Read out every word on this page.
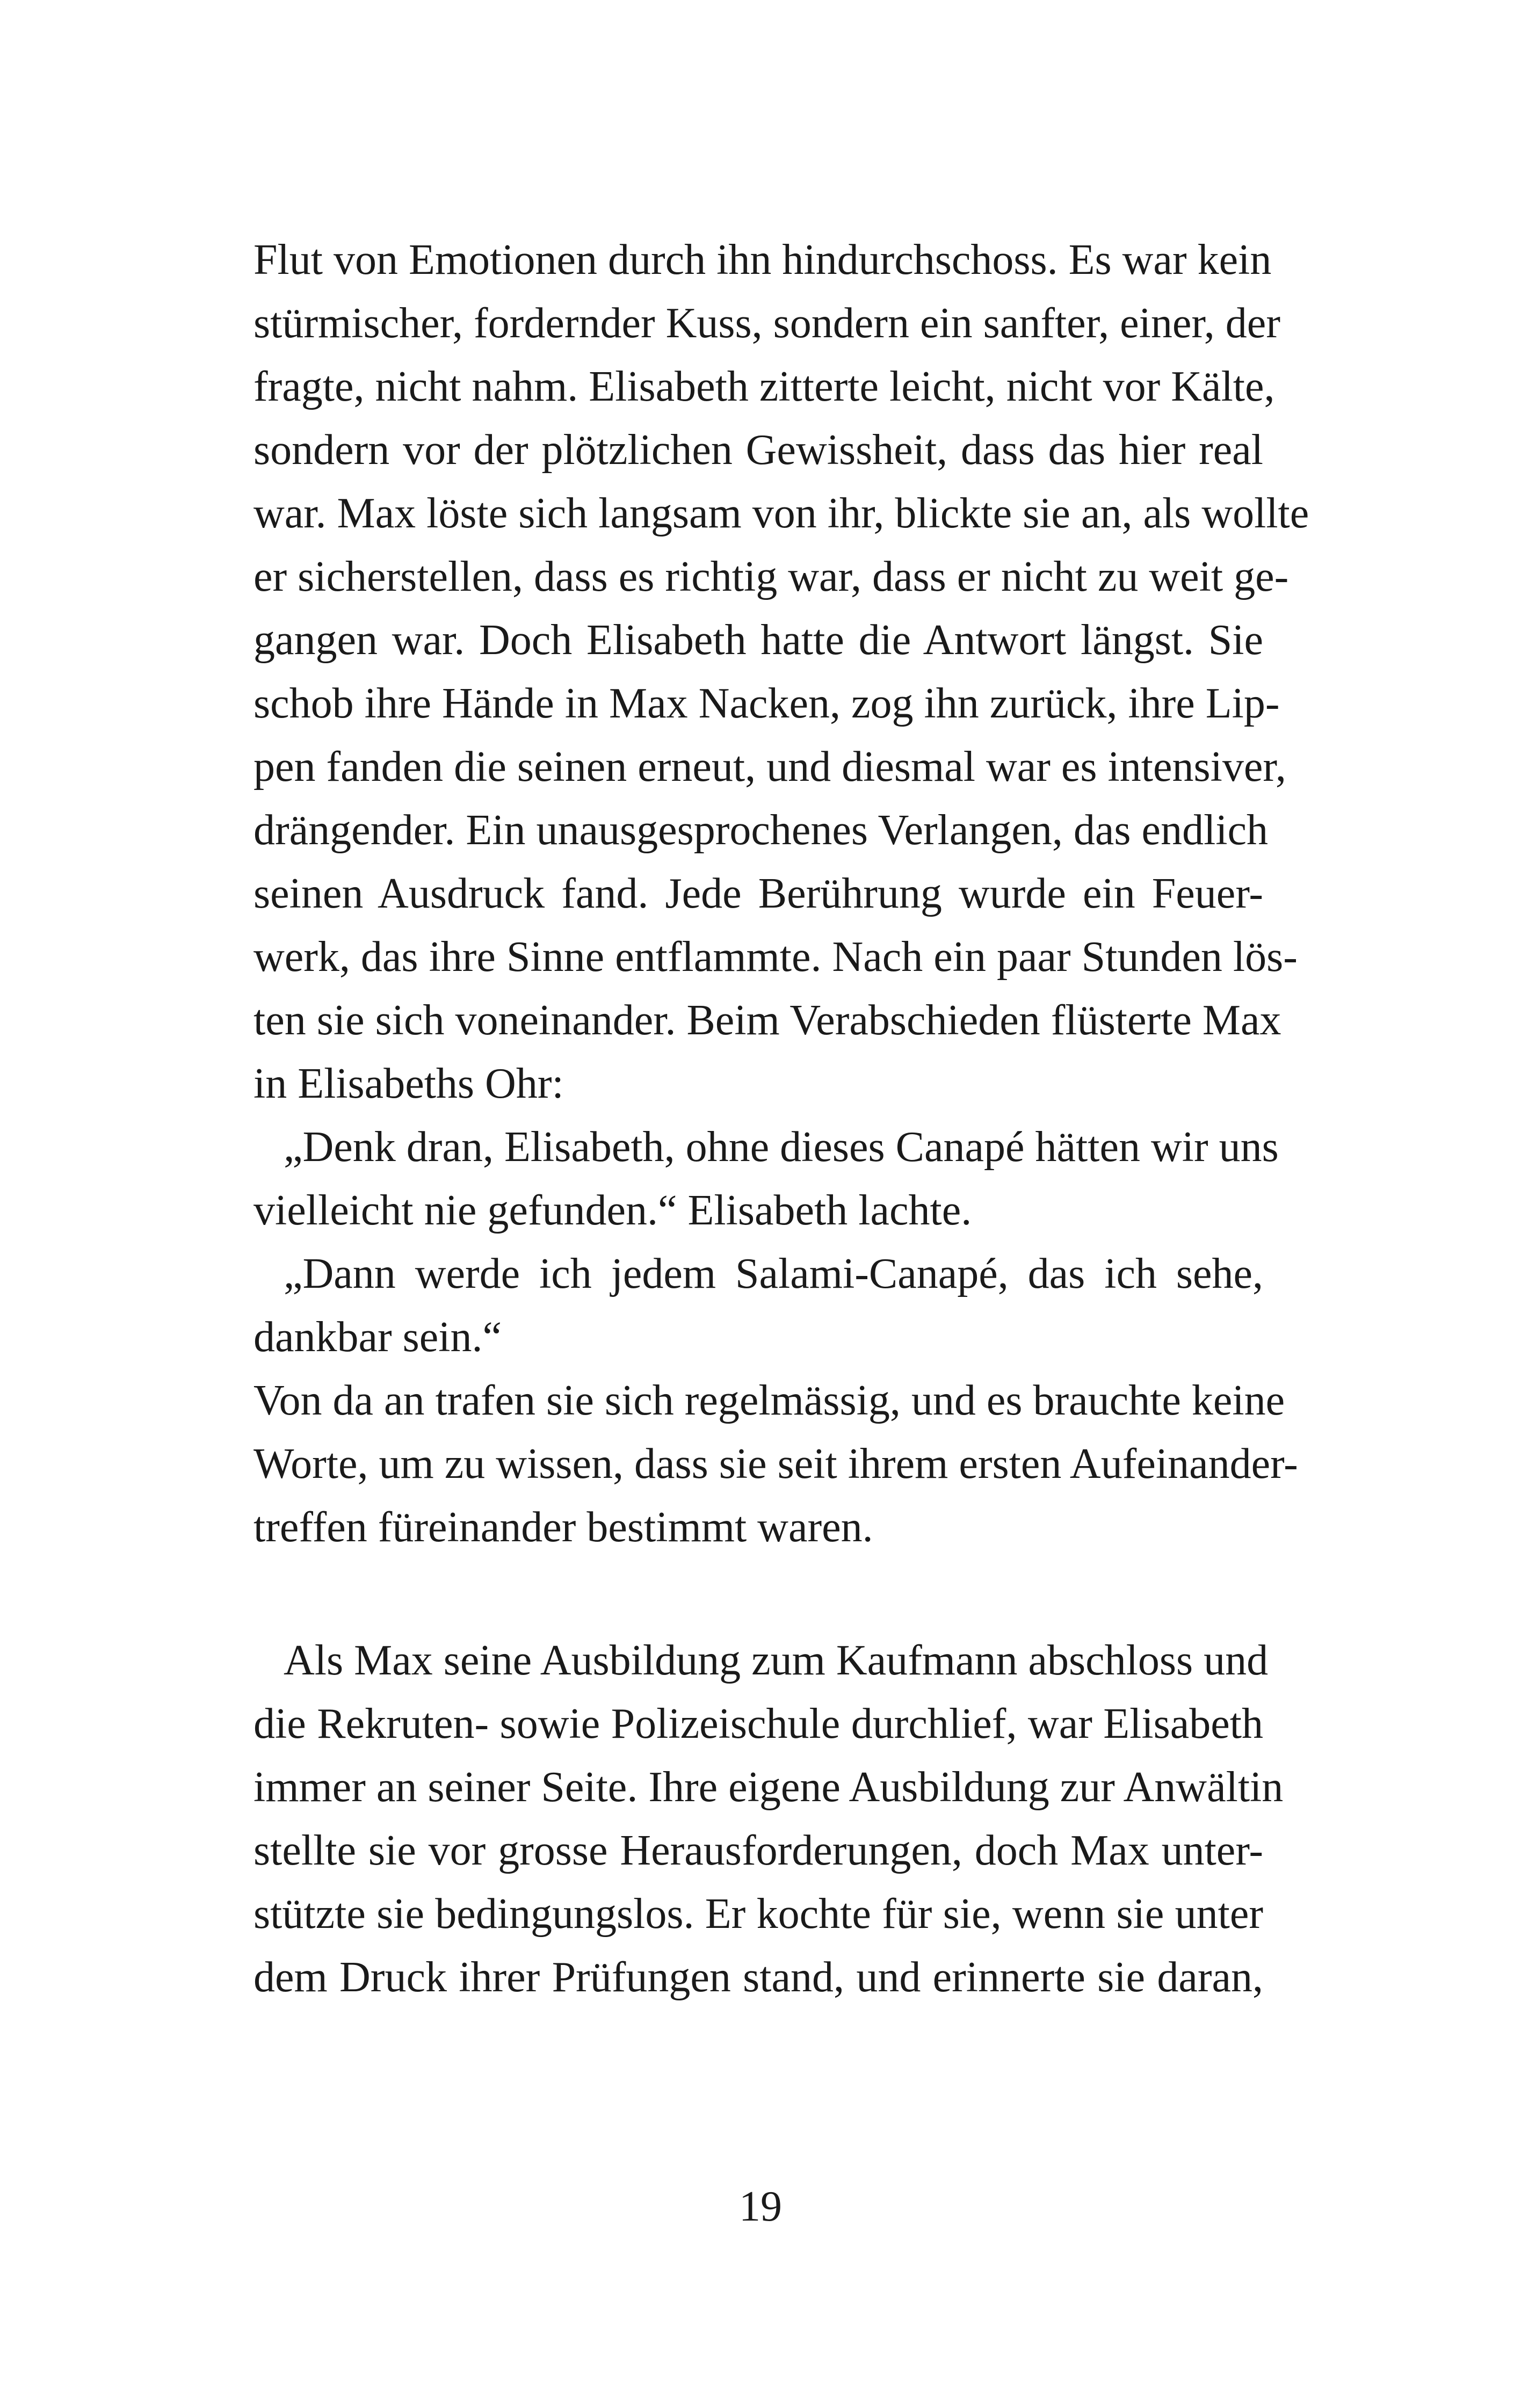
Flut von Emotionen durch ihn hindurchschoss. Es war kein
stürmischer, fordernder Kuss, sondern ein sanfter, einer, der
fragte, nicht nahm. Elisabeth zitterte leicht, nicht vor Kälte,
sondern vor der plötzlichen Gewissheit, dass das hier real
war. Max löste sich langsam von ihr, blickte sie an, als wollte
er sicherstellen, dass es richtig war, dass er nicht zu weit ge-
gangen war. Doch Elisabeth hatte die Antwort längst. Sie
schob ihre Hände in Max Nacken, zog ihn zurück, ihre Lip-
pen fanden die seinen erneut, und diesmal war es intensiver,
drängender. Ein unausgesprochenes Verlangen, das endlich
seinen Ausdruck fand. Jede Berührung wurde ein Feuer-
werk, das ihre Sinne entflammte. Nach ein paar Stunden lös-
ten sie sich voneinander. Beim Verabschieden flüsterte Max
in Elisabeths Ohr:
„Denk dran, Elisabeth, ohne dieses Canapé hätten wir uns
vielleicht nie gefunden.“ Elisabeth lachte.
„Dann werde ich jedem Salami-Canapé, das ich sehe,
dankbar sein.“
Von da an trafen sie sich regelmässig, und es brauchte keine
Worte, um zu wissen, dass sie seit ihrem ersten Aufeinander-
treffen füreinander bestimmt waren.
Als Max seine Ausbildung zum Kaufmann abschloss und
die Rekruten- sowie Polizeischule durchlief, war Elisabeth
immer an seiner Seite. Ihre eigene Ausbildung zur Anwältin
stellte sie vor grosse Herausforderungen, doch Max unter-
stützte sie bedingungslos. Er kochte für sie, wenn sie unter
dem Druck ihrer Prüfungen stand, und erinnerte sie daran,
19
